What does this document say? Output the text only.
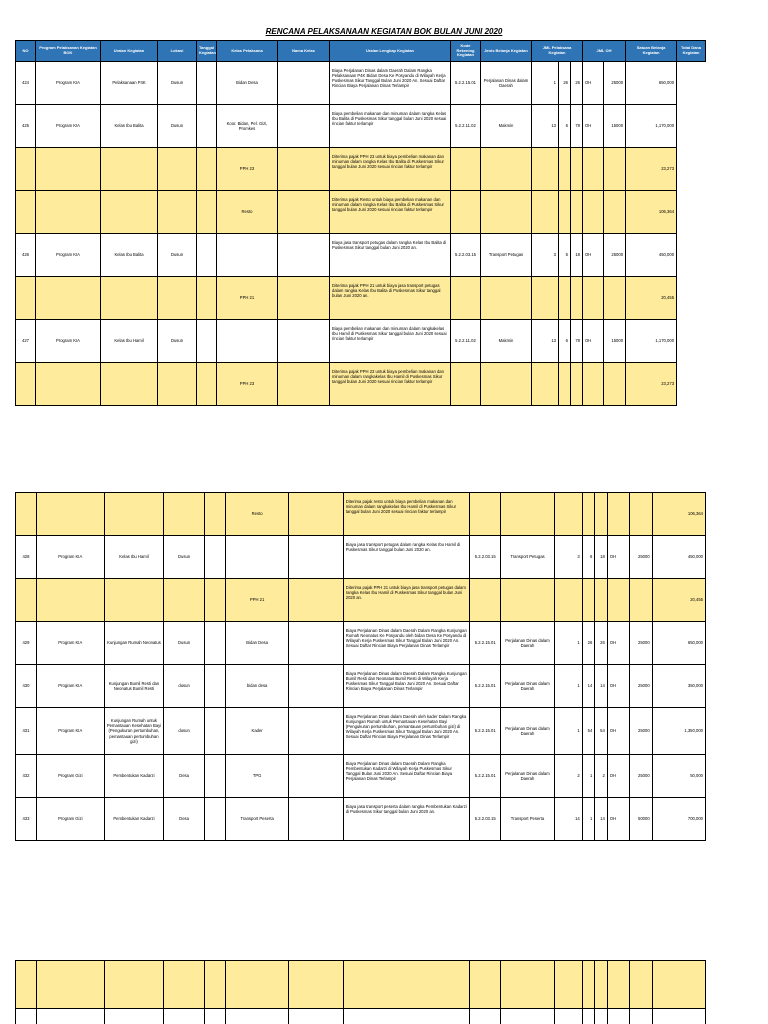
RENCANA PELAKSANAAN KEGIATAN BOK BULAN JUNI 2020
NO	Program Pelaksanan Kegiatan BOK	Uraian Kegiatan	Lokasi	Tanggal Kegiatan	Kelas Pelaksana	Nama Kelas	Uraian Lengkap Kegiatan	Kode Rekening Kegiatan	Jenis Belanja Kegiatan	JML Pelaksana Kegiatan			JML OH		Satuan Belanja Kegiatan	Total Dana Kegiatan
424	Program KIA	Pelaksanaan P4K	Dusun		Bidan Desa		Biaya Perjalanan Dinas dalam Daerah Dalam Rangka Pelaksanaan P4K Bidan Desa Ke Posyandu di Wilayah Kerja Puskesmas Sikur Tanggal Bulan Juni 2020 An. Sesuai Daftar Rincian Biaya Perjalanan Dinas Terlampir	5.2.2.15.01	Perjalanan Dinas dalam Daerah	1	26	26	OH	25000	650,000	
425	Program KIA	Kelas Ibu Balita	Dusun		Koor. Bidan, Pel. Gizi, Promkes		Biaya pembelian makanan dan minuman dalam rangka Kelas Ibu Balita di Puskesmas Sikur tanggal bulan Juni 2020 sesuai rincian faktur terlampir	5.2.2.11.02	Makmin	13	6	78	OH	15000	1,170,000	
					PPH 23		Diterima pajak PPH 23 untuk biaya pembelian makanan dan minuman dalam rangka Kelas Ibu Balita di Puskesmas Sikur tanggal bulan Juni 2020 sesuai rincian faktur terlampir								23,273	
					Resto		Diterima pajak Resto untuk biaya pembelian makanan dan minuman dalam rangka Kelas Ibu Balita di Puskesmas Sikur tanggal bulan Juni 2020 sesuai rincian faktur terlampir								106,364	
426	Program KIA	Kelas Ibu Balita	Dusun				Biaya jasa transport petugas dalam rangka Kelas Ibu Balita di Puskesmas Sikur tanggal bulan Juni 2020 an.	5.2.2.03.15	Transport Petugas	3	6	18	OH	25000	450,000	
					PPH 21		Diterima pajak PPH 21 untuk biaya jasa transport petugas dalam rangka Kelas Ibu Balita di Puskesmas Sikur tanggal bulan Juni 2020 an.								20,455	
427	Program KIA	Kelas Ibu Hamil	Dusun				Biaya pembelian makanan dan minuman dalam rangkakelas Ibu Hamil di Puskesmas Sikur tanggal bulan Juni 2020 sesuai rincian faktur terlampir	5.2.2.11.02	Makmin	13	6	78	OH	15000	1,170,000	
					PPH 23		Diterima pajak PPH 23 untuk biaya pembelian makanan dan minuman dalam rangkakelas Ibu Hamil di Puskesmas Sikur tanggal bulan Juni 2020 sesuai rincian faktur terlampir								23,273	
					Resto		Diterima pajak resto untuk biaya pembelian makanan dan minuman dalam rangkakelas Ibu Hamil di Puskesmas Sikur tanggal bulan Juni 2020 sesuai rincian faktur terlampir								106,364
428	Program KIA	Kelas Ibu Hamil	Dusun				Biaya jasa transport petugas dalam rangka Kelas Ibu Hamil di Puskesmas Sikur tanggal bulan Juni 2020 an.	5.2.2.03.15	Transport Petugas	3	6	18	OH	25000	450,000
					PPH 21		Diterima pajak PPH 21 untuk biaya jasa transport petugas dalam rangka Kelas Ibu Hamil di Puskesmas Sikur tanggal bulan Juni 2020 an.								20,455
429	Program KIA	Kunjungan Rumah Neonatus	Dusun		Bidan Desa		Biaya Perjalanan Dinas dalam Daerah Dalam Rangka Kunjungan Rumah Neonatus Ke Posyandu oleh bidan Desa Ke Posyandu di Wilayah Kerja Puskesmas Sikur Tanggal Bulan Juni 2020 An. Sesuai Daftar Rincian Biaya Perjalanan Dinas Terlampir	5.2.2.15.01	Perjalanan Dinas dalam Daerah	1	26	26	OH	25000	650,000
430	Program KIA	Kunjungan Bumil Resti dan Neonatus Bumil Resti	dusun		bidan desa		Biaya Perjalanan Dinas dalam Daerah Dalam Rangka Kunjungan Bumil Resti dan Neonatus Bumil Resti di Wilayah Kerja Puskesmas Sikur Tanggal Bulan Juni 2020 An. Sesuai Daftar Rincian Biaya Perjalanan Dinas Terlampir	5.2.2.15.01	Perjalanan Dinas dalam Daerah	1	14	14	OH	25000	350,000
431	Program KIA	Kunjungan Rumah untuk Pemantauan Kesehatan Bayi (Pengukuran pertumbuhan, pemantauan pertumbuhan gizi)	dusun		Kader		Biaya Perjalanan Dinas dalam Daerah oleh kader Dalam Rangka Kunjungan Rumah untuk Pemantauan Kesehatan Bayi (Pengukuran pertumbuhan, pemantauan pertumbuhan gizi) di Wilayah Kerja Puskesmas Sikur Tanggal Bulan Juni 2020 An. Sesuai Daftar Rincian Biaya Perjalanan Dinas Terlampir	5.2.2.15.01	Perjalanan Dinas dalam Daerah	1	54	54	OH	25000	1,350,000
432	Program Gizi	Pembentukan Kadarzi	Desa		TPG		Biaya Perjalanan Dinas dalam Daerah Dalam Rangka Pembentukan Kadarzi di Wilayah Kerja Puskesmas Sikur Tanggal Bulan Juni 2020 An. Sesuai Daftar Rincian Biaya Perjalanan Dinas Terlampir	5.2.2.15.01	Perjalanan Dinas dalam Daerah	2	1	2	OH	25000	50,000
433	Program Gizi	Pembentukan Kadarzi	Desa		Transport Peserta		Biaya jasa transport peserta dalam rangka Pembentukan Kadarzi di Puskesmas Sikur tanggal bulan Juni 2020 an.	5.2.2.03.15	Transport Peserta	14	1	14	OH	50000	700,000
